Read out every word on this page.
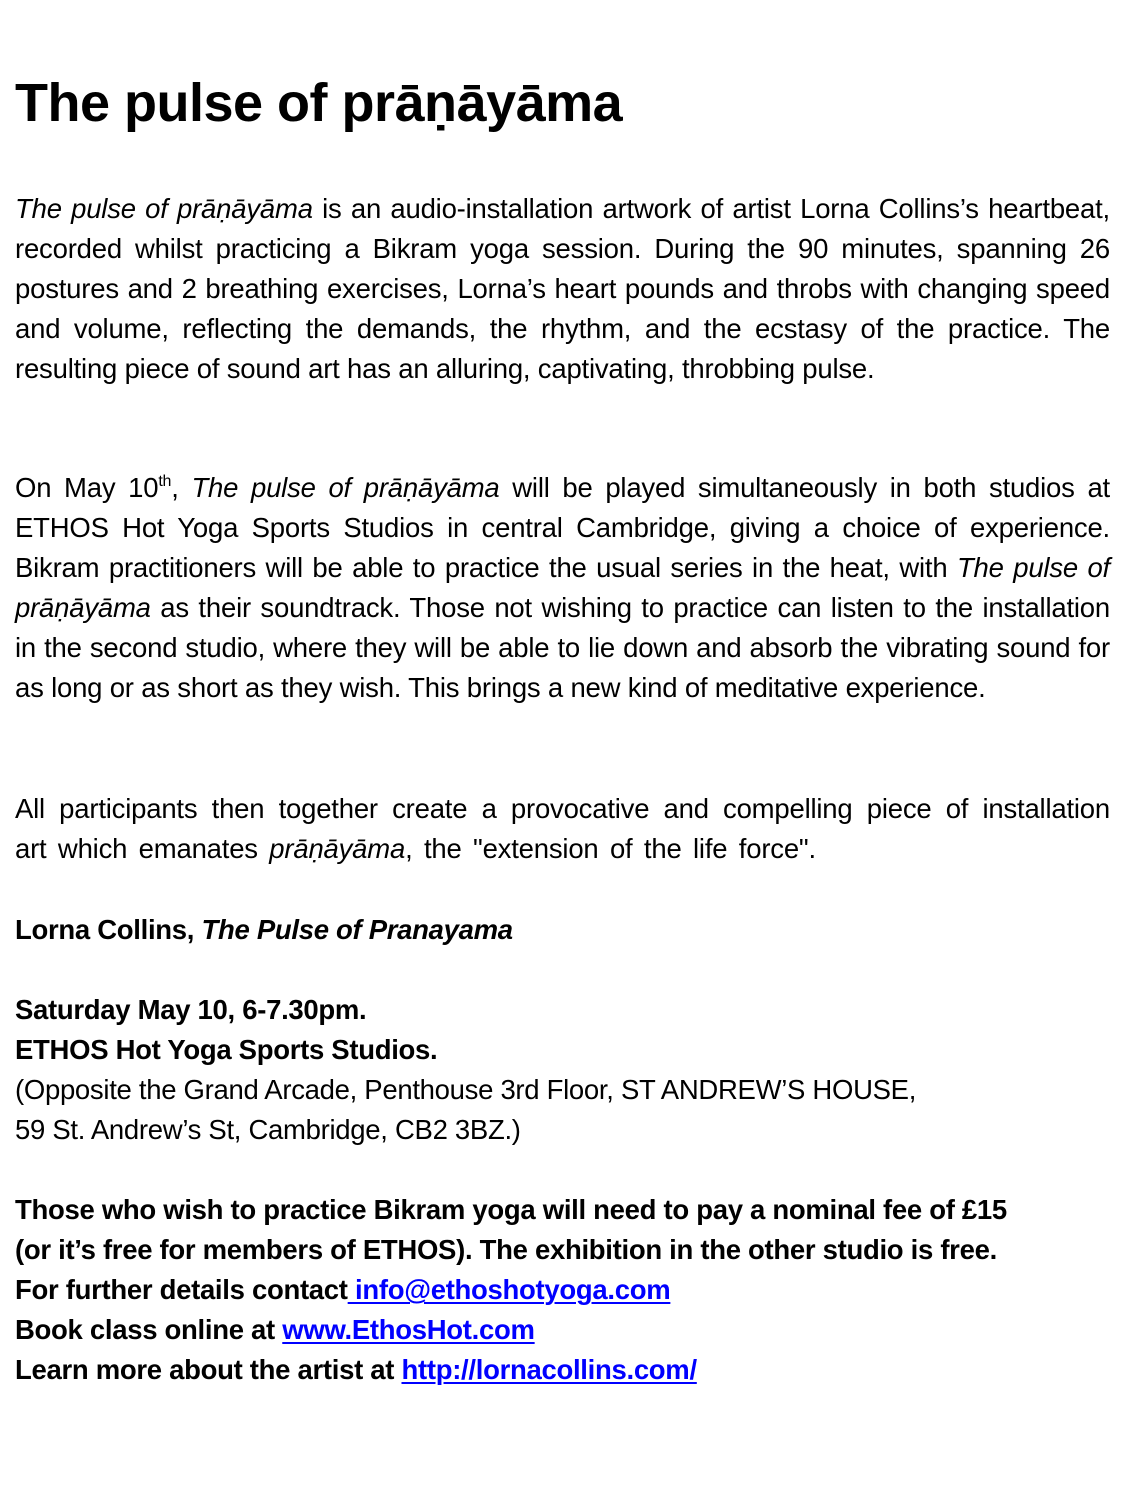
The pulse of prāṇāyāma

The pulse of prāṇāyāma is an audio-installation artwork of artist Lorna Collins’s heartbeat, recorded whilst practicing a Bikram yoga session. During the 90 minutes, spanning 26 postures and 2 breathing exercises, Lorna’s heart pounds and throbs with changing speed and volume, reflecting the demands, the rhythm, and the ecstasy of the practice. The resulting piece of sound art has an alluring, captivating, throbbing pulse.

On May 10th, The pulse of prāṇāyāma will be played simultaneously in both studios at ETHOS Hot Yoga Sports Studios in central Cambridge, giving a choice of experience. Bikram practitioners will be able to practice the usual series in the heat, with The pulse of prāṇāyāma as their soundtrack. Those not wishing to practice can listen to the installation in the second studio, where they will be able to lie down and absorb the vibrating sound for as long or as short as they wish. This brings a new kind of meditative experience.

All participants then together create a provocative and compelling piece of installation art which emanates prāṇāyāma, the "extension of the life force".

Lorna Collins, The Pulse of Pranayama

Saturday May 10, 6-7.30pm.
ETHOS Hot Yoga Sports Studios.
(Opposite the Grand Arcade, Penthouse 3rd Floor, ST ANDREW’S HOUSE,
59 St. Andrew’s St, Cambridge, CB2 3BZ.)
Those who wish to practice Bikram yoga will need to pay a nominal fee of £15
(or it’s free for members of ETHOS). The exhibition in the other studio is free.
For further details contact info@ethoshotyoga.com
Book class online at www.EthosHot.com
Learn more about the artist at http://lornacollins.com/
